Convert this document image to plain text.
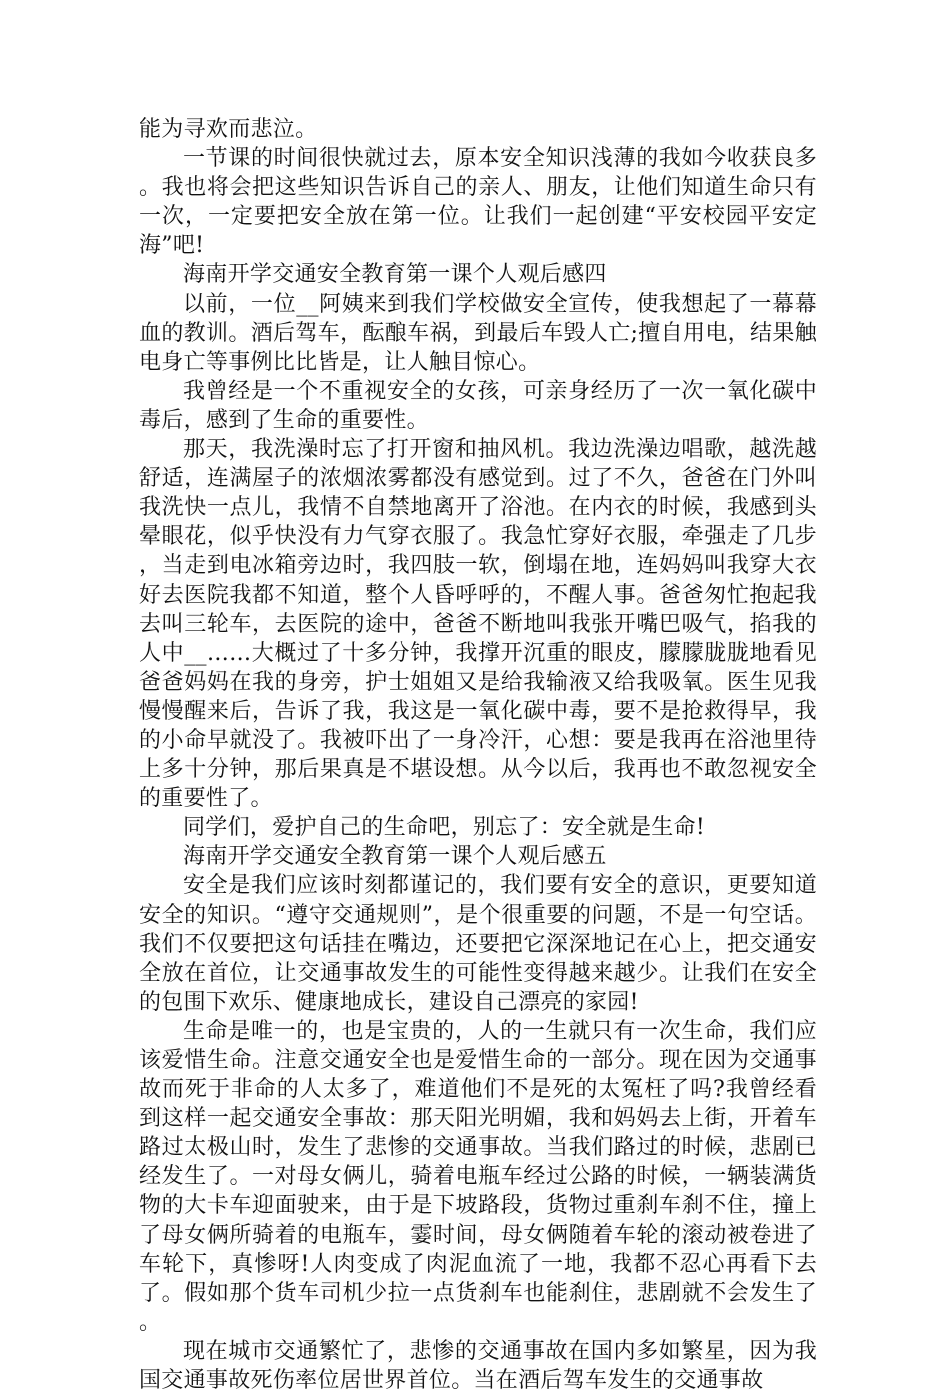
能为寻欢而悲泣。

一节课的时间很快就过去，原本安全知识浅薄的我如今收获良多。我也将会把这些知识告诉自己的亲人、朋友，让他们知道生命只有一次，一定要把安全放在第一位。让我们一起创建“平安校园平安定海”吧!

海南开学交通安全教育第一课个人观后感四

以前，一位__阿姨来到我们学校做安全宣传，使我想起了一幕幕血的教训。酒后驾车，酝酿车祸，到最后车毁人亡;擅自用电，结果触电身亡等事例比比皆是，让人触目惊心。

我曾经是一个不重视安全的女孩，可亲身经历了一次一氧化碳中毒后，感到了生命的重要性。

那天，我洗澡时忘了打开窗和抽风机。我边洗澡边唱歌，越洗越舒适，连满屋子的浓烟浓雾都没有感觉到。过了不久，爸爸在门外叫我洗快一点儿，我情不自禁地离开了浴池。在内衣的时候，我感到头晕眼花，似乎快没有力气穿衣服了。我急忙穿好衣服，牵强走了几步，当走到电冰箱旁边时，我四肢一软，倒塌在地，连妈妈叫我穿大衣好去医院我都不知道，整个人昏呼呼的，不醒人事。爸爸匆忙抱起我去叫三轮车，去医院的途中，爸爸不断地叫我张开嘴巴吸气，掐我的人中__……大概过了十多分钟，我撑开沉重的眼皮，朦朦胧胧地看见爸爸妈妈在我的身旁，护士姐姐又是给我输液又给我吸氧。医生见我慢慢醒来后，告诉了我，我这是一氧化碳中毒，要不是抢救得早，我的小命早就没了。我被吓出了一身冷汗，心想：要是我再在浴池里待上多十分钟，那后果真是不堪设想。从今以后，我再也不敢忽视安全的重要性了。

同学们，爱护自己的生命吧，别忘了：安全就是生命!

海南开学交通安全教育第一课个人观后感五

安全是我们应该时刻都谨记的，我们要有安全的意识，更要知道安全的知识。“遵守交通规则”，是个很重要的问题，不是一句空话。我们不仅要把这句话挂在嘴边，还要把它深深地记在心上，把交通安全放在首位，让交通事故发生的可能性变得越来越少。让我们在安全的包围下欢乐、健康地成长，建设自己漂亮的家园!

生命是唯一的，也是宝贵的，人的一生就只有一次生命，我们应该爱惜生命。注意交通安全也是爱惜生命的一部分。现在因为交通事故而死于非命的人太多了，难道他们不是死的太冤枉了吗?我曾经看到这样一起交通安全事故：那天阳光明媚，我和妈妈去上街，开着车路过太极山时，发生了悲惨的交通事故。当我们路过的时候，悲剧已经发生了。一对母女俩儿，骑着电瓶车经过公路的时候，一辆装满货物的大卡车迎面驶来，由于是下坡路段，货物过重刹车刹不住，撞上了母女俩所骑着的电瓶车，霎时间，母女俩随着车轮的滚动被卷进了车轮下，真惨呀!人肉变成了肉泥血流了一地，我都不忍心再看下去了。假如那个货车司机少拉一点货刹车也能刹住，悲剧就不会发生了。

现在城市交通繁忙了，悲惨的交通事故在国内多如繁星，因为我国交通事故死伤率位居世界首位。当在酒后驾车发生的交通事故
